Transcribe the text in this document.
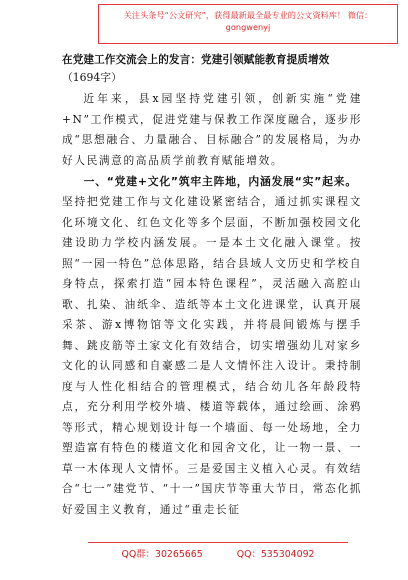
关注头条号“公文研究”，获得最新最全最专业的公文资料库！ 微信：gongwenyj
在党建工作交流会上的发言：党建引领赋能教育提质增效
（1694字）

近年来，县x园坚持党建引领，创新实施“党建+N”工作模式，促进党建与保教工作深度融合，逐步形成“思想融合、力量融合、目标融合”的发展格局，为办好人民满意的高品质学前教育赋能增效。

一、“党建+文化”筑牢主阵地，内涵发展“实”起来。

坚持把党建工作与文化建设紧密结合，通过抓实课程文化环境文化、红色文化等多个层面，不断加强校园文化建设助力学校内涵发展。一是本土文化融入课堂。按照“一园一特色”总体思路，结合县域人文历史和学校自身特点，探索打造“园本特色课程”，灵活融入高腔山歌、扎染、油纸伞、造纸等本土文化进课堂，认真开展采茶、游x博物馆等文化实践，并将晨间锻炼与摆手舞、跳皮筋等土家文化有效结合，切实增强幼儿对家乡文化的认同感和自豪感二是人文情怀注入设计。秉持制度与人性化相结合的管理模式，结合幼儿各年龄段特点，充分利用学校外墙、楼道等载体，通过绘画、涂鸦等形式，精心规划设计每一个墙面、每一处场地，全力塑造富有特色的楼道文化和园舍文化，让一物一景、一草一木体现人文情怀。三是爱国主义植入心灵。有效结合“七一”建党节、“十一”国庆节等重大节日，常态化抓好爱国主义教育，通过“重走长征

QQ群：30265665	QQ：535304092
